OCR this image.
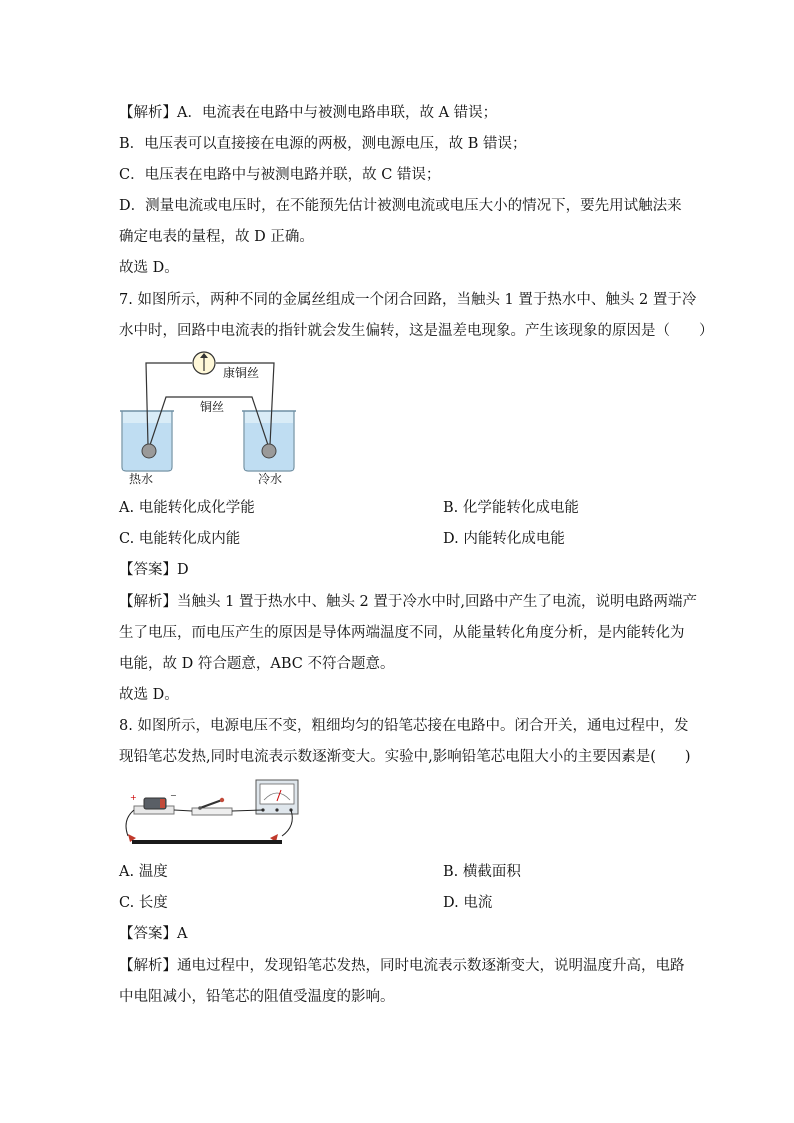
【解析】A．电流表在电路中与被测电路串联，故 A 错误；
B．电压表可以直接接在电源的两极，测电源电压，故 B 错误；
C．电压表在电路中与被测电路并联，故 C 错误；
D．测量电流或电压时，在不能预先估计被测电流或电压大小的情况下，要先用试触法来
确定电表的量程，故 D 正确。
故选 D。
7. 如图所示，两种不同的金属丝组成一个闭合回路，当触头 1 置于热水中、触头 2 置于冷
水中时，回路中电流表的指针就会发生偏转，这是温差电现象。产生该现象的原因是（　　）
康铜丝
铜丝
热水	冷水
A. 电能转化成化学能	B. 化学能转化成电能
C. 电能转化成内能	D. 内能转化成电能
【答案】D
【解析】当触头 1 置于热水中、触头 2 置于冷水中时,回路中产生了电流，说明电路两端产
生了电压，而电压产生的原因是导体两端温度不同，从能量转化角度分析，是内能转化为
电能，故 D 符合题意，ABC 不符合题意。
故选 D。
8. 如图所示，电源电压不变，粗细均匀的铅笔芯接在电路中。闭合开关，通电过程中，发
现铅笔芯发热,同时电流表示数逐渐变大。实验中,影响铅笔芯电阻大小的主要因素是(　　)
+	−
A. 温度	B. 横截面积
C. 长度	D. 电流
【答案】A
【解析】通电过程中，发现铅笔芯发热，同时电流表示数逐渐变大，说明温度升高，电路
中电阻减小，铅笔芯的阻值受温度的影响。
